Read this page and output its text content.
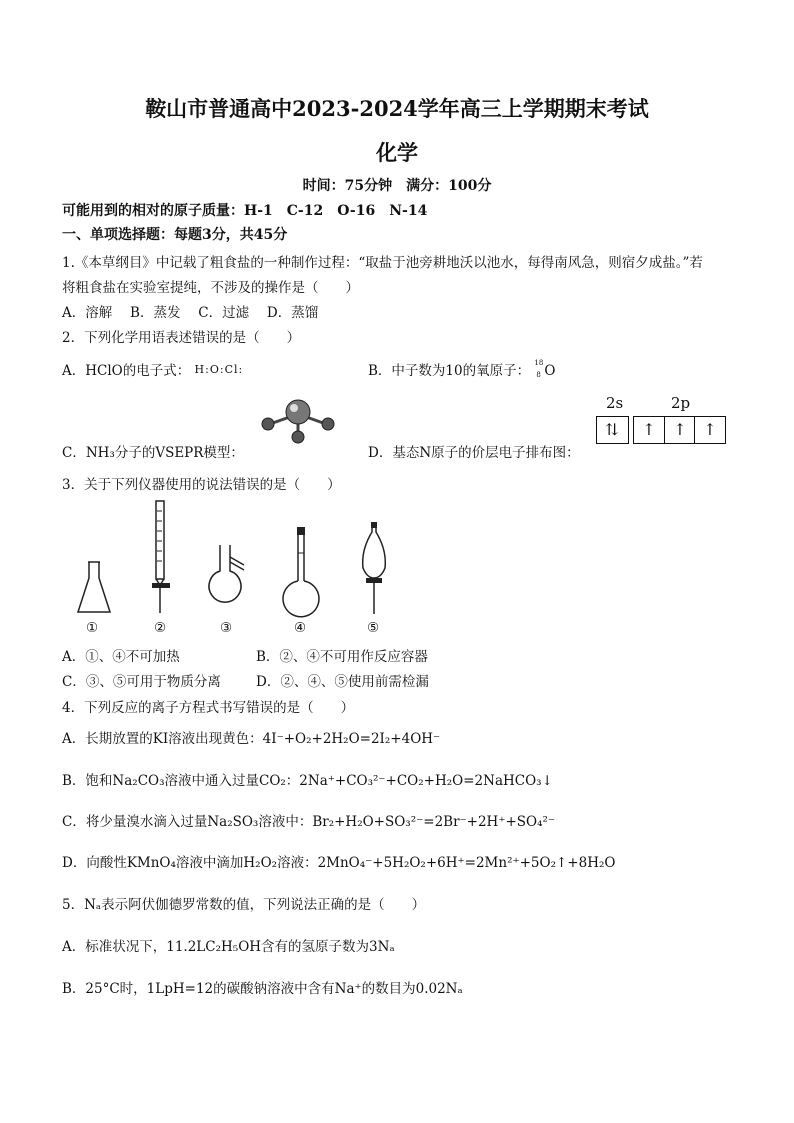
鞍山市普通高中2023-2024学年高三上学期期末考试
化学
时间：75分钟　满分：100分
可能用到的相对的原子质量：H-1　C-12　O-16　N-14
一、单项选择题：每题3分，共45分
1.《本草纲目》中记载了粗食盐的一种制作过程：“取盐于池旁耕地沃以池水，每得南风急，则宿夕成盐。”若
将粗食盐在实验室提纯，不涉及的操作是（　　）
A．溶解　 B．蒸发　 C．过滤　 D．蒸馏
2．下列化学用语表述错误的是（　　）
A．HClO的电子式： H:O:Cl:	B．中子数为10的氧原子：
18
8 O
C．NH₃分子的VSEPR模型：	D．基态N原子的价层电子排布图：
2s	2p
⇅	↑	↑	↑
3．关于下列仪器使用的说法错误的是（　　）
①	②	③	④	⑤
A．①、④不可加热	B．②、④不可用作反应容器
C．③、⑤可用于物质分离	D．②、④、⑤使用前需检漏
4．下列反应的离子方程式书写错误的是（　　）
A．长期放置的KI溶液出现黄色：4I⁻+O₂+2H₂O=2I₂+4OH⁻
B．饱和Na₂CO₃溶液中通入过量CO₂：2Na⁺+CO₃²⁻+CO₂+H₂O=2NaHCO₃↓
C．将少量溴水滴入过量Na₂SO₃溶液中：Br₂+H₂O+SO₃²⁻=2Br⁻+2H⁺+SO₄²⁻
D．向酸性KMnO₄溶液中滴加H₂O₂溶液：2MnO₄⁻+5H₂O₂+6H⁺=2Mn²⁺+5O₂↑+8H₂O
5．Nₐ表示阿伏伽德罗常数的值，下列说法正确的是（　　）
A．标准状况下，11.2LC₂H₅OH含有的氢原子数为3Nₐ
B．25°C时，1LpH=12的碳酸钠溶液中含有Na⁺的数目为0.02Nₐ
